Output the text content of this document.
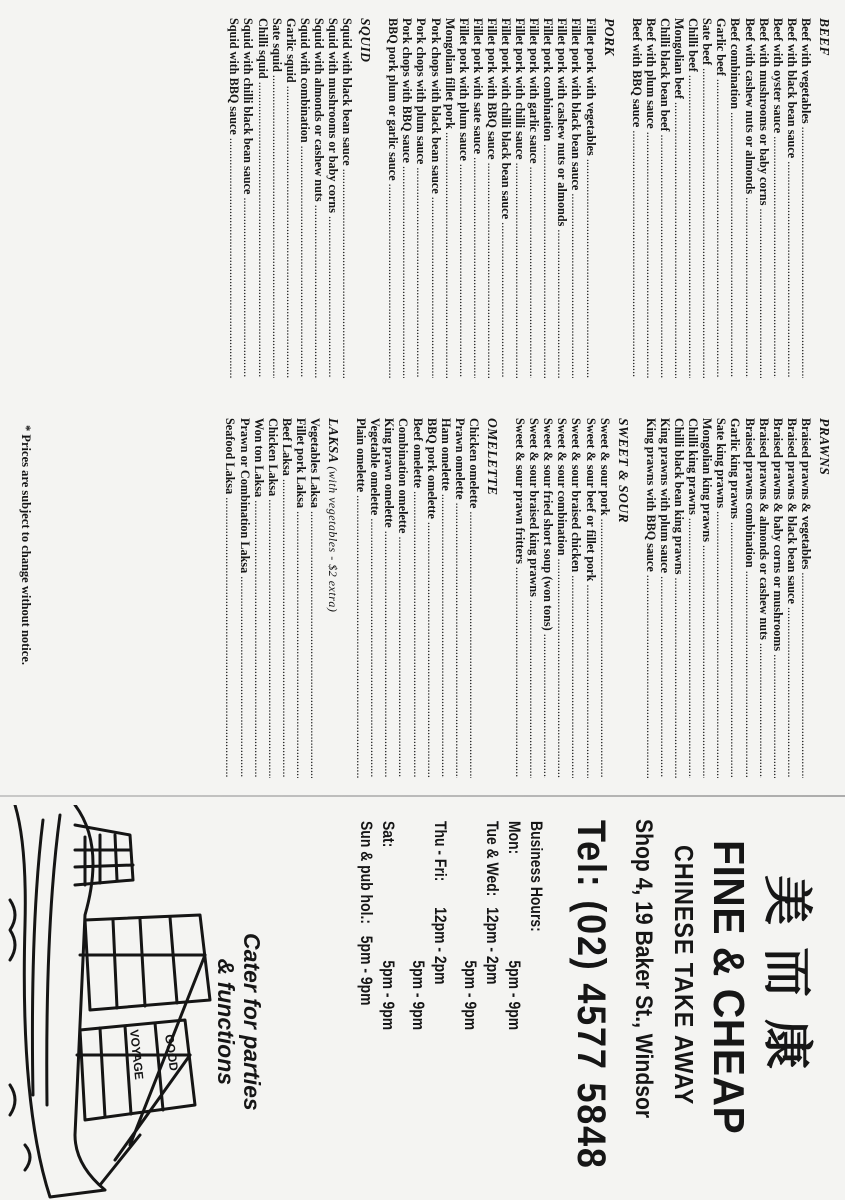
BEEF
Beef with vegetables .....
Beef with black bean sauce .....
Beef with oyster sauce .....
Beef with mushrooms or baby corns .....
Beef with cashew nuts or almonds .....
Beef combination .....
Garlic beef .....
Sate beef .....
Chilli beef .....
Mongolian beef .....
Chilli black bean beef .....
Beef with plum sauce .....
Beef with BBQ sauce .....
PORK
Fillet pork with vegetables .....
Fillet pork with black bean sauce .....
Fillet pork with cashew nuts or almonds .....
Fillet pork combination .....
Fillet pork with garlic sauce .....
Fillet pork with chilli sauce .....
Fillet pork with chilli black bean sauce .....
Fillet pork with BBQ sauce .....
Fillet pork with sate sauce .....
Fillet pork with plum sauce .....
Mongolian fillet pork .....
Pork chops with black bean sauce .....
Pork chops with plum sauce .....
Pork chops with BBQ sauce .....
BBQ pork plum or garlic sauce .....
SQUID
Squid with black bean sauce .....
Squid with mushrooms or baby corns .....
Squid with almonds or cashew nuts .....
Squid with combination .....
Garlic squid .....
Sate squid .....
Chilli squid .....
Squid with chilli black bean sauce .....
Squid with BBQ sauce .....
PRAWNS
Braised prawns & vegetables .....
Braised prawns & black bean sauce .....
Braised prawns & baby corns or mushrooms .....
Braised prawns & almonds or cashew nuts .....
Braised prawns combination .....
Garlic king prawns .....
Sate king prawns .....
Mongolian king prawns .....
Chilli king prawns .....
Chilli black bean king prawns .....
King prawns with plum sauce .....
King prawns with BBQ sauce .....
SWEET & SOUR
Sweet & sour pork .....
Sweet & sour beef or fillet pork .....
Sweet & sour braised chicken .....
Sweet & sour combination .....
Sweet & sour fried short soup (won tons) .....
Sweet & sour braised king prawns .....
Sweet & sour prawn fritters .....
OMELETTE
Chicken omelette .....
Prawn omelette .....
Ham omelette .....
BBQ pork omelette .....
Beef omelette .....
Combination omelette .....
King prawn omelette .....
Vegetable omelette .....
Plain omelette .....
LAKSA (with vegetables - $2 extra)
Vegetables Laksa .....
Fillet pork Laksa .....
Beef Laksa .....
Chicken Laksa .....
Won ton Laksa .....
Prawn or Combination Laksa .....
Seafood Laksa .....
* Prices are subject to change without notice.
美而康
FINE & CHEAP
CHINESE TAKE AWAY
Shop 4, 19 Baker St., Windsor
Tel: (02) 4577 5848
Business Hours:
Mon:
5pm - 9pm
Tue & Wed:
12pm - 2pm
5pm - 9pm
Thu - Fri:
12pm - 2pm
5pm - 9pm
Sat:
5pm - 9pm
Sun & pub hol.:
5pm - 9pm
Cater for parties
& functions
GOOD
VOYAGE
